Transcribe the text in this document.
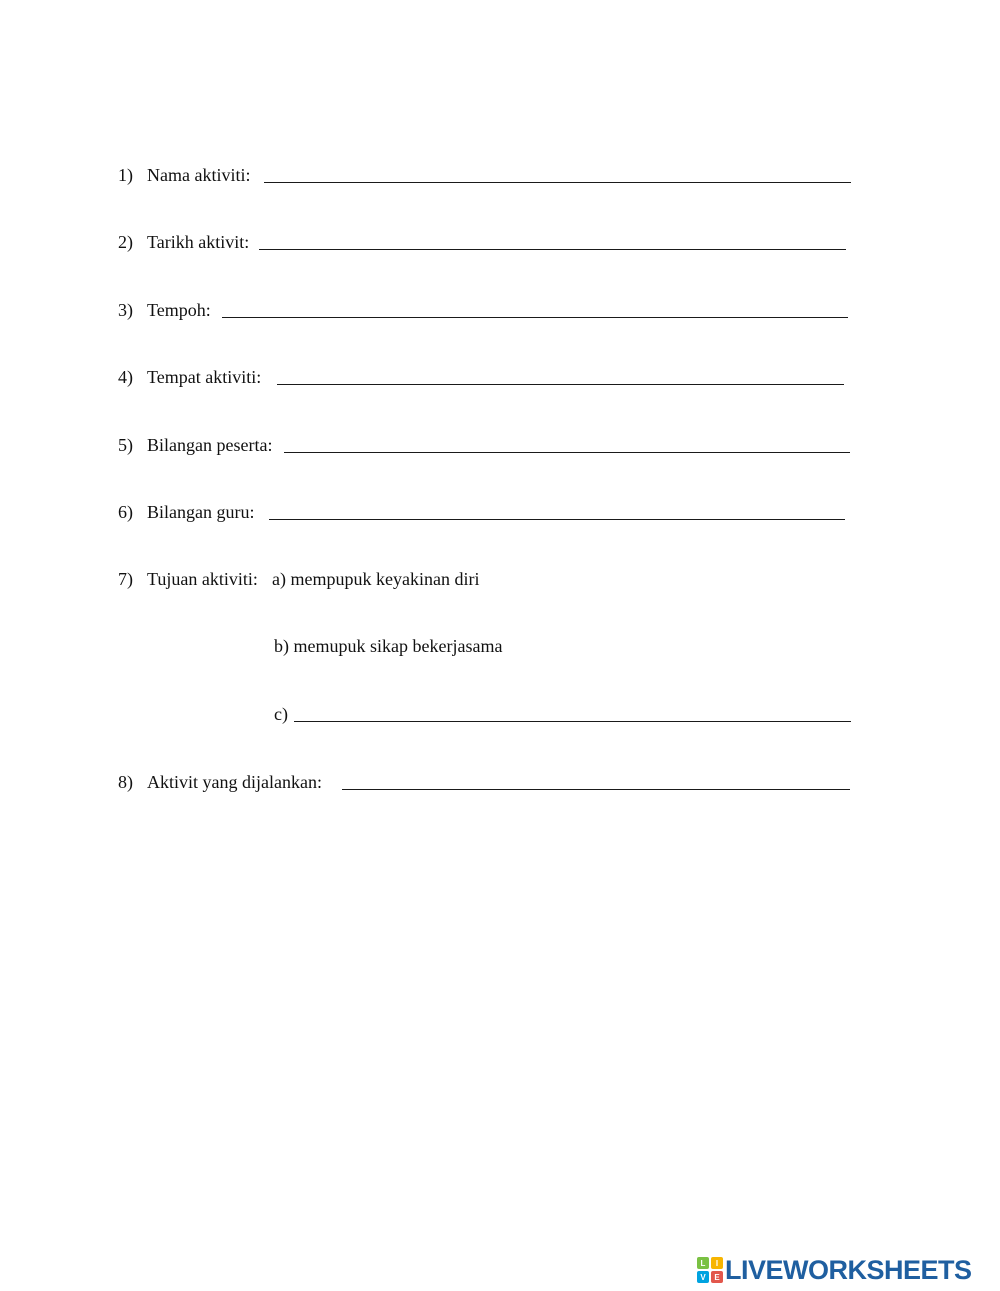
1) Nama aktiviti:
2) Tarikh aktivit:
3) Tempoh:
4) Tempat aktiviti:
5) Bilangan peserta:
6) Bilangan guru:
7) Tujuan aktiviti: a) mempupuk keyakinan diri
b) memupuk sikap bekerjasama
c)
8) Aktivit yang dijalankan:
L	I
V	E LIVEWORKSHEETS
